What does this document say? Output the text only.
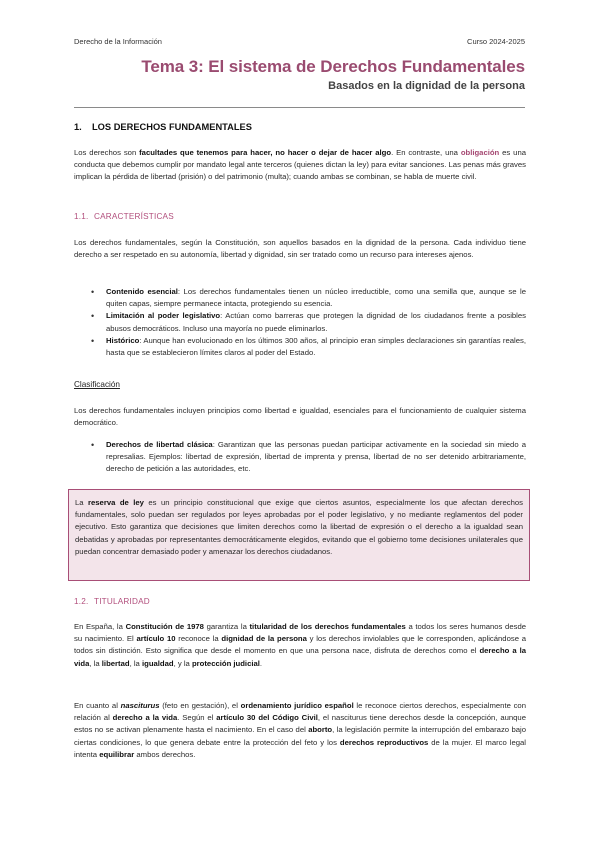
Derecho de la Información	Curso 2024-2025
Tema 3: El sistema de Derechos Fundamentales
Basados en la dignidad de la persona
1. LOS DERECHOS FUNDAMENTALES
Los derechos son facultades que tenemos para hacer, no hacer o dejar de hacer algo. En contraste, una obligación es una conducta que debemos cumplir por mandato legal ante terceros (quienes dictan la ley) para evitar sanciones. Las penas más graves implican la pérdida de libertad (prisión) o del patrimonio (multa); cuando ambas se combinan, se habla de muerte civil.
1.1. CARACTERÍSTICAS
Los derechos fundamentales, según la Constitución, son aquellos basados en la dignidad de la persona. Cada individuo tiene derecho a ser respetado en su autonomía, libertad y dignidad, sin ser tratado como un recurso para intereses ajenos.
• Contenido esencial: Los derechos fundamentales tienen un núcleo irreductible, como una semilla que, aunque se le quiten capas, siempre permanece intacta, protegiendo su esencia.
• Limitación al poder legislativo: Actúan como barreras que protegen la dignidad de los ciudadanos frente a posibles abusos democráticos. Incluso una mayoría no puede eliminarlos.
• Histórico: Aunque han evolucionado en los últimos 300 años, al principio eran simples declaraciones sin garantías reales, hasta que se establecieron límites claros al poder del Estado.
Clasificación
Los derechos fundamentales incluyen principios como libertad e igualdad, esenciales para el funcionamiento de cualquier sistema democrático.
• Derechos de libertad clásica: Garantizan que las personas puedan participar activamente en la sociedad sin miedo a represalias. Ejemplos: libertad de expresión, libertad de imprenta y prensa, libertad de no ser detenido arbitrariamente, derecho de petición a las autoridades, etc.

La reserva de ley es un principio constitucional que exige que ciertos asuntos, especialmente los que afectan derechos fundamentales, solo puedan ser regulados por leyes aprobadas por el poder legislativo, y no mediante reglamentos del poder ejecutivo. Esto garantiza que decisiones que limiten derechos como la libertad de expresión o el derecho a la igualdad sean debatidas y aprobadas por representantes democráticamente elegidos, evitando que el gobierno tome decisiones unilaterales que puedan concentrar demasiado poder y amenazar los derechos ciudadanos.

1.2. TITULARIDAD
En España, la Constitución de 1978 garantiza la titularidad de los derechos fundamentales a todos los seres humanos desde su nacimiento. El artículo 10 reconoce la dignidad de la persona y los derechos inviolables que le corresponden, aplicándose a todos sin distinción. Esto significa que desde el momento en que una persona nace, disfruta de derechos como el derecho a la vida, la libertad, la igualdad, y la protección judicial.
En cuanto al nasciturus (feto en gestación), el ordenamiento jurídico español le reconoce ciertos derechos, especialmente con relación al derecho a la vida. Según el artículo 30 del Código Civil, el nasciturus tiene derechos desde la concepción, aunque estos no se activan plenamente hasta el nacimiento. En el caso del aborto, la legislación permite la interrupción del embarazo bajo ciertas condiciones, lo que genera debate entre la protección del feto y los derechos reproductivos de la mujer. El marco legal intenta equilibrar ambos derechos.
